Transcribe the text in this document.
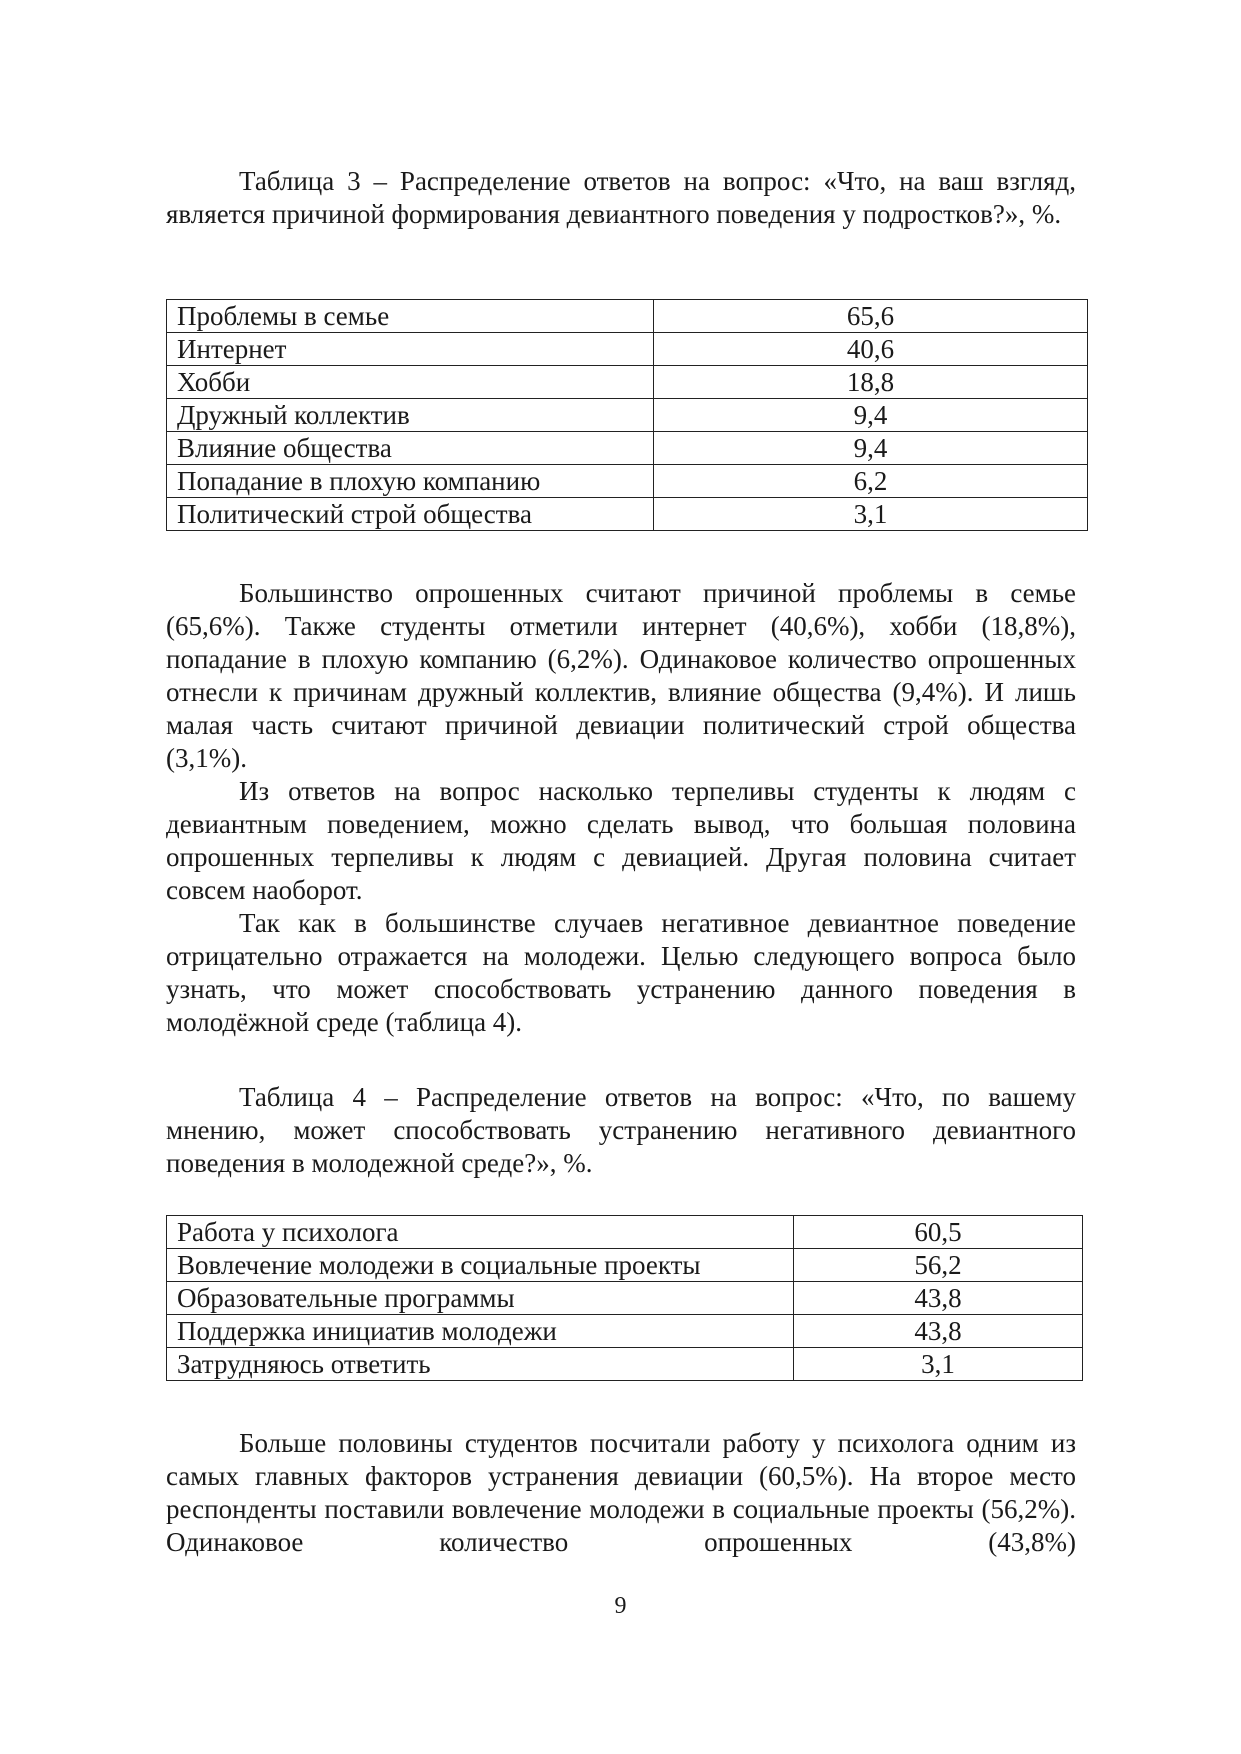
Таблица 3 – Распределение ответов на вопрос: «Что, на ваш взгляд, является причиной формирования девиантного поведения у подростков?», %.

Проблемы в семье	65,6
Интернет	40,6
Хобби	18,8
Дружный коллектив	9,4
Влияние общества	9,4
Попадание в плохую компанию	6,2
Политический строй общества	3,1

Большинство опрошенных считают причиной проблемы в семье (65,6%). Также студенты отметили интернет (40,6%), хобби (18,8%), попадание в плохую компанию (6,2%). Одинаковое количество опрошенных отнесли к причинам дружный коллектив, влияние общества (9,4%). И лишь малая часть считают причиной девиации политический строй общества (3,1%).

Из ответов на вопрос насколько терпеливы студенты к людям с девиантным поведением, можно сделать вывод, что большая половина опрошенных терпеливы к людям с девиацией. Другая половина считает совсем наоборот.

Так как в большинстве случаев негативное девиантное поведение отрицательно отражается на молодежи. Целью следующего вопроса было узнать, что может способствовать устранению данного поведения в молодёжной среде (таблица 4).

Таблица 4 – Распределение ответов на вопрос: «Что, по вашему мнению, может способствовать устранению негативного девиантного поведения в молодежной среде?», %.

Работа у психолога	60,5
Вовлечение молодежи в социальные проекты	56,2
Образовательные программы	43,8
Поддержка инициатив молодежи	43,8
Затрудняюсь ответить	3,1

Больше половины студентов посчитали работу у психолога одним из самых главных факторов устранения девиации (60,5%). На второе место респонденты поставили вовлечение молодежи в социальные проекты (56,2%). Одинаковое количество опрошенных (43,8%)

9
